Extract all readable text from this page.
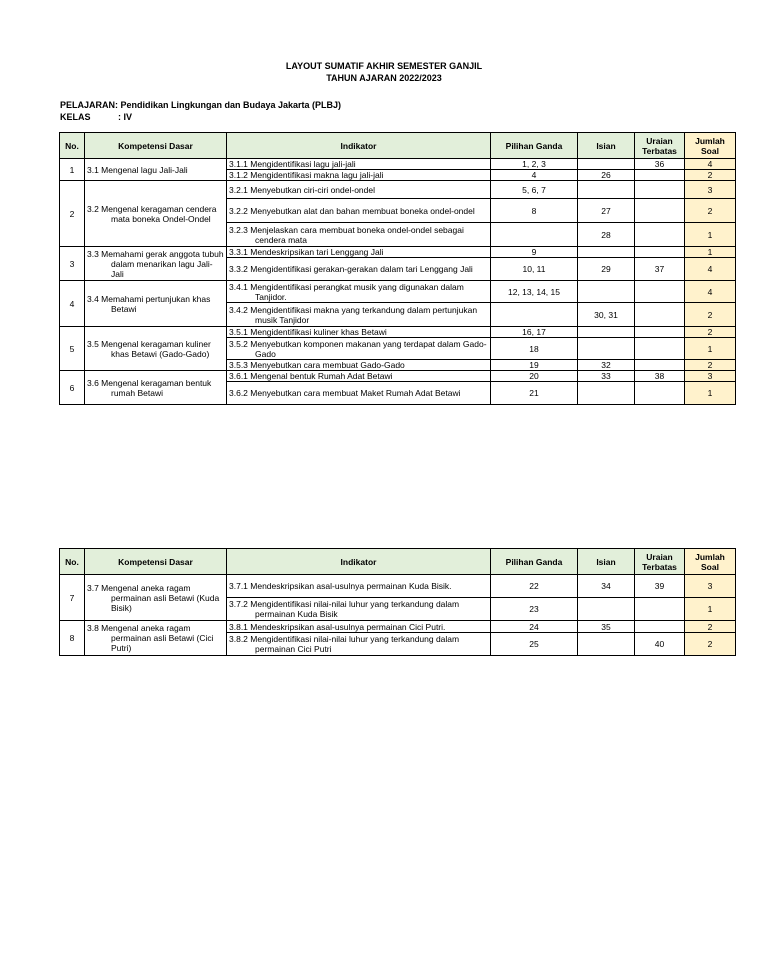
LAYOUT SUMATIF AKHIR SEMESTER GANJIL
TAHUN AJARAN 2022/2023
PELAJARAN: Pendidikan Lingkungan dan Budaya Jakarta (PLBJ)
KELAS	: IV
No.	Kompetensi Dasar	Indikator	Pilihan Ganda	Isian	Uraian Terbatas	Jumlah Soal
1	3.1 Mengenal lagu Jali-Jali	3.1.1 Mengidentifikasi lagu jali-jali	1, 2, 3		36	4

		3.1.2 Mengidentifikasi makna lagu jali-jali	4	26		2
2	3.2 Mengenal keragaman cendera mata boneka Ondel-Ondel	3.2.1 Menyebutkan ciri-ciri ondel-ondel	5, 6, 7			3

		3.2.2 Menyebutkan alat dan bahan membuat boneka ondel-ondel	8	27		2

		3.2.3 Menjelaskan cara membuat boneka ondel-ondel sebagai cendera mata		28		1
3	3.3 Memahami gerak anggota tubuh dalam menarikan lagu Jali-Jali	3.3.1 Mendeskripsikan tari Lenggang Jali	9			1

		3.3.2 Mengidentifikasi gerakan-gerakan dalam tari Lenggang Jali	10, 11	29	37	4
4	3.4 Memahami pertunjukan khas Betawi	3.4.1 Mengidentifikasi perangkat musik yang digunakan dalam Tanjidor.	12, 13, 14, 15			4

		3.4.2 Mengidentifikasi makna yang terkandung dalam pertunjukan musik Tanjidor		30, 31		2
5	3.5 Mengenal keragaman kuliner khas Betawi (Gado-Gado)	3.5.1 Mengidentifikasi kuliner khas Betawi	16, 17			2

		3.5.2 Menyebutkan komponen makanan yang terdapat dalam Gado-Gado	18			1

		3.5.3 Menyebutkan cara membuat Gado-Gado	19	32		2
6	3.6 Mengenal keragaman bentuk rumah Betawi	3.6.1 Mengenal bentuk Rumah Adat Betawi	20	33	38	3

		3.6.2 Menyebutkan cara membuat Maket Rumah Adat Betawi	21			1
No.	Kompetensi Dasar	Indikator	Pilihan Ganda	Isian	Uraian Terbatas	Jumlah Soal
7	3.7 Mengenal aneka ragam permainan asli Betawi (Kuda Bisik)	3.7.1 Mendeskripsikan asal-usulnya permainan Kuda Bisik.	22	34	39	3

		3.7.2 Mengidentifikasi nilai-nilai luhur yang terkandung dalam permainan Kuda Bisik	23			1
8	3.8 Mengenal aneka ragam permainan asli Betawi (Cici Putri)	3.8.1 Mendeskripsikan asal-usulnya permainan Cici Putri.	24	35		2

		3.8.2 Mengidentifikasi nilai-nilai luhur yang terkandung dalam permainan Cici Putri	25		40	2
